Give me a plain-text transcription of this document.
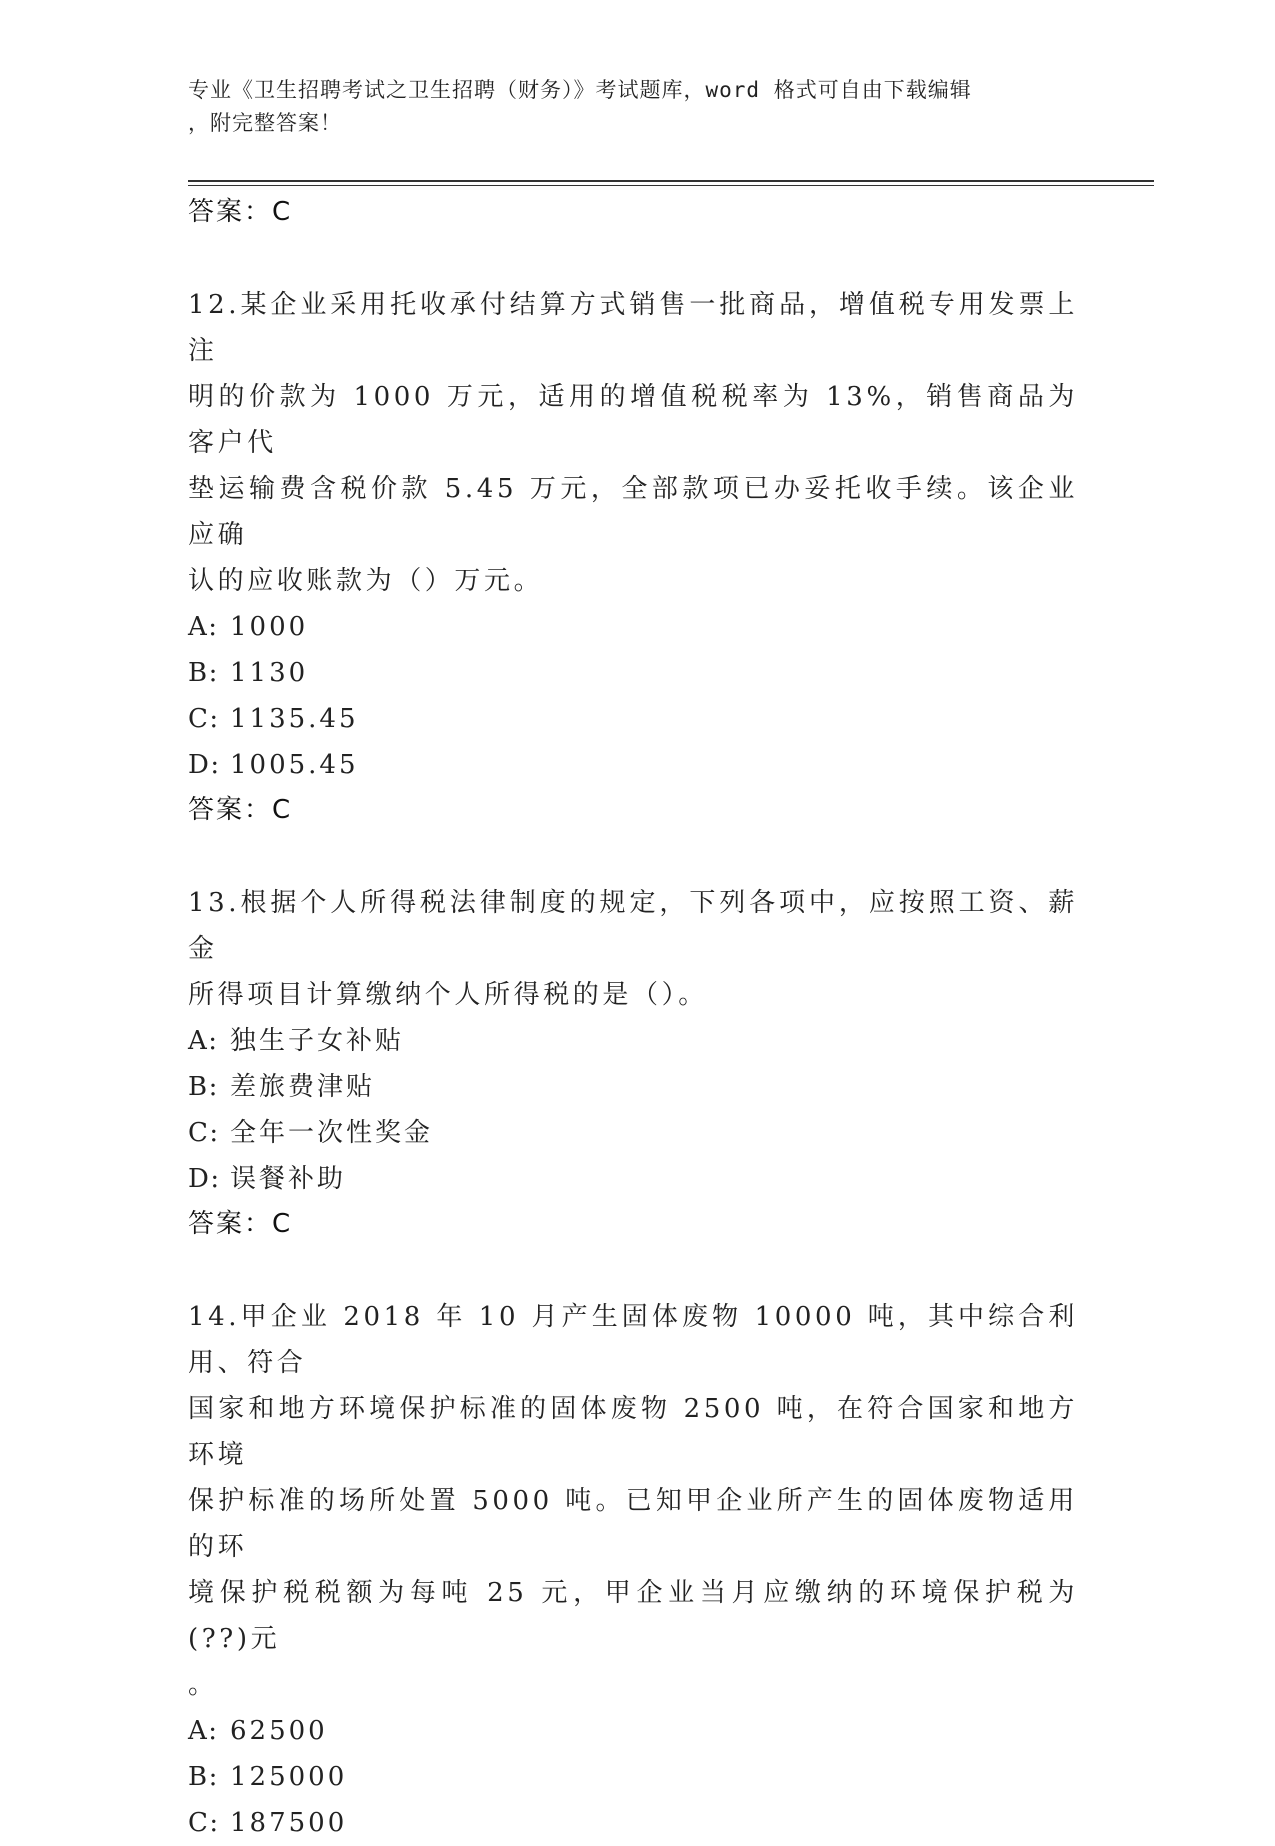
专业《卫生招聘考试之卫生招聘（财务）》考试题库，word 格式可自由下载编辑
，附完整答案！
答案：C
12.某企业采用托收承付结算方式销售一批商品，增值税专用发票上注
明的价款为 1000 万元，适用的增值税税率为 13%，销售商品为客户代
垫运输费含税价款 5.45 万元，全部款项已办妥托收手续。该企业应确
认的应收账款为（）万元。
A: 1000
B: 1130
C: 1135.45
D: 1005.45
答案：C
13.根据个人所得税法律制度的规定，下列各项中，应按照工资、薪金
所得项目计算缴纳个人所得税的是（）。
A: 独生子女补贴
B: 差旅费津贴
C: 全年一次性奖金
D: 误餐补助
答案：C
14.甲企业 2018 年 10 月产生固体废物 10000 吨，其中综合利用、符合
国家和地方环境保护标准的固体废物 2500 吨，在符合国家和地方环境
保护标准的场所处置 5000 吨。已知甲企业所产生的固体废物适用的环
境保护税税额为每吨 25 元，甲企业当月应缴纳的环境保护税为(??)元
。
A: 62500
B: 125000
C: 187500
